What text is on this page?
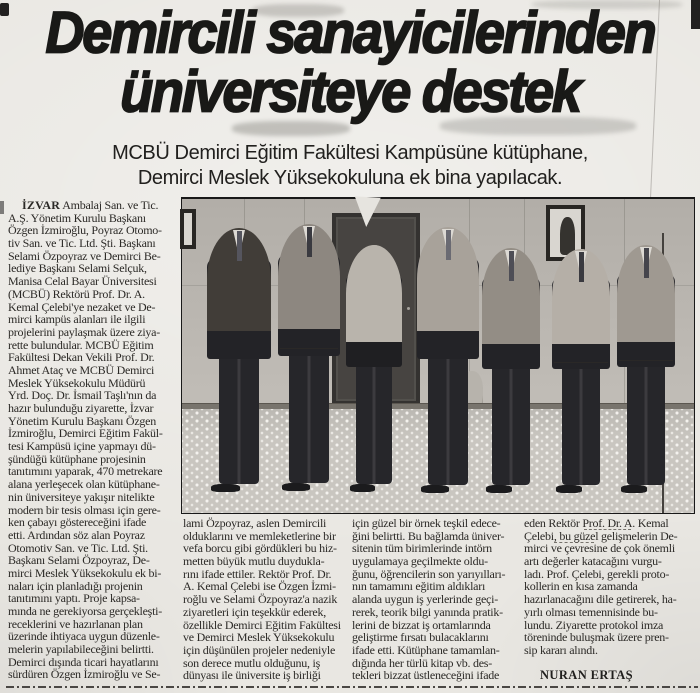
Demircili sanayicilerinden
üniversiteye destek
MCBÜ Demirci Eğitim Fakültesi Kampüsüne kütüphane,
Demirci Meslek Yüksekokuluna ek bina yapılacak.
İZVAR Ambalaj San. ve Tic.
A.Ş. Yönetim Kurulu Başkanı
Özgen İzmiroğlu, Poyraz Otomo-
tiv San. ve Tic. Ltd. Şti. Başkanı
Selami Özpoyraz ve Demirci Be-
lediye Başkanı Selami Selçuk,
Manisa Celal Bayar Üniversitesi
(MCBÜ) Rektörü Prof. Dr. A.
Kemal Çelebi'ye nezaket ve De-
mirci kampüs alanları ile ilgili
projelerini paylaşmak üzere ziya-
rette bulundular. MCBÜ Eğitim
Fakültesi Dekan Vekili Prof. Dr.
Ahmet Ataç ve MCBÜ Demirci
Meslek Yüksekokulu Müdürü
Yrd. Doç. Dr. İsmail Taşlı'nın da
hazır bulunduğu ziyarette, İzvar
Yönetim Kurulu Başkanı Özgen
İzmiroğlu, Demirci Eğitim Fakül-
tesi Kampüsü içine yapmayı dü-
şündüğü kütüphane projesinin
tanıtımını yaparak, 470 metrekare
alana yerleşecek olan kütüphane-
nin üniversiteye yakışır nitelikte
modern bir tesis olması için gere-
ken çabayı göstereceğini ifade
etti. Ardından söz alan Poyraz
Otomotiv San. ve Tic. Ltd. Şti.
Başkanı Selami Özpoyraz, De-
mirci Meslek Yüksekokulu ek bi-
naları için planladığı projenin
tanıtımını yaptı. Proje kapsa-
mında ne gerekiyorsa gerçekleşti-
receklerini ve hazırlanan plan
üzerinde ihtiyaca uygun düzenle-
melerin yapılabileceğini belirtti.
Demirci dışında ticari hayatlarını
sürdüren Özgen İzmiroğlu ve Se-
lami Özpoyraz, aslen Demircili
olduklarını ve memleketlerine bir
vefa borcu gibi gördükleri bu hiz-
metten büyük mutlu duydukla-
rını ifade ettiler. Rektör Prof. Dr.
A. Kemal Çelebi ise Özgen İzmi-
roğlu ve Selami Özpoyraz'a nazik
ziyaretleri için teşekkür ederek,
özellikle Demirci Eğitim Fakültesi
ve Demirci Meslek Yüksekokulu
için düşünülen projeler nedeniyle
son derece mutlu olduğunu, iş
dünyası ile üniversite iş birliği
için güzel bir örnek teşkil edece-
ğini belirtti. Bu bağlamda üniver-
sitenin tüm birimlerinde intörn
uygulamaya geçilmekte oldu-
ğunu, öğrencilerin son yarıyılları-
nın tamamını eğitim aldıkları
alanda uygun iş yerlerinde geçi-
rerek, teorik bilgi yanında pratik-
lerini de bizzat iş ortamlarında
geliştirme fırsatı bulacaklarını
ifade etti. Kütüphane tamamlan-
dığında her türlü kitap vb. des-
tekleri bizzat üstleneceğini ifade
eden Rektör Prof. Dr. A. Kemal
Çelebi, bu güzel gelişmelerin De-
mirci ve çevresine de çok önemli
artı değerler katacağını vurgu-
ladı. Prof. Çelebi, gerekli proto-
kollerin en kısa zamanda
hazırlanacağını dile getirerek, ha-
yırlı olması temennisinde bu-
lundu. Ziyarette protokol imza
töreninde buluşmak üzere pren-
sip kararı alındı.
NURAN ERTAŞ
